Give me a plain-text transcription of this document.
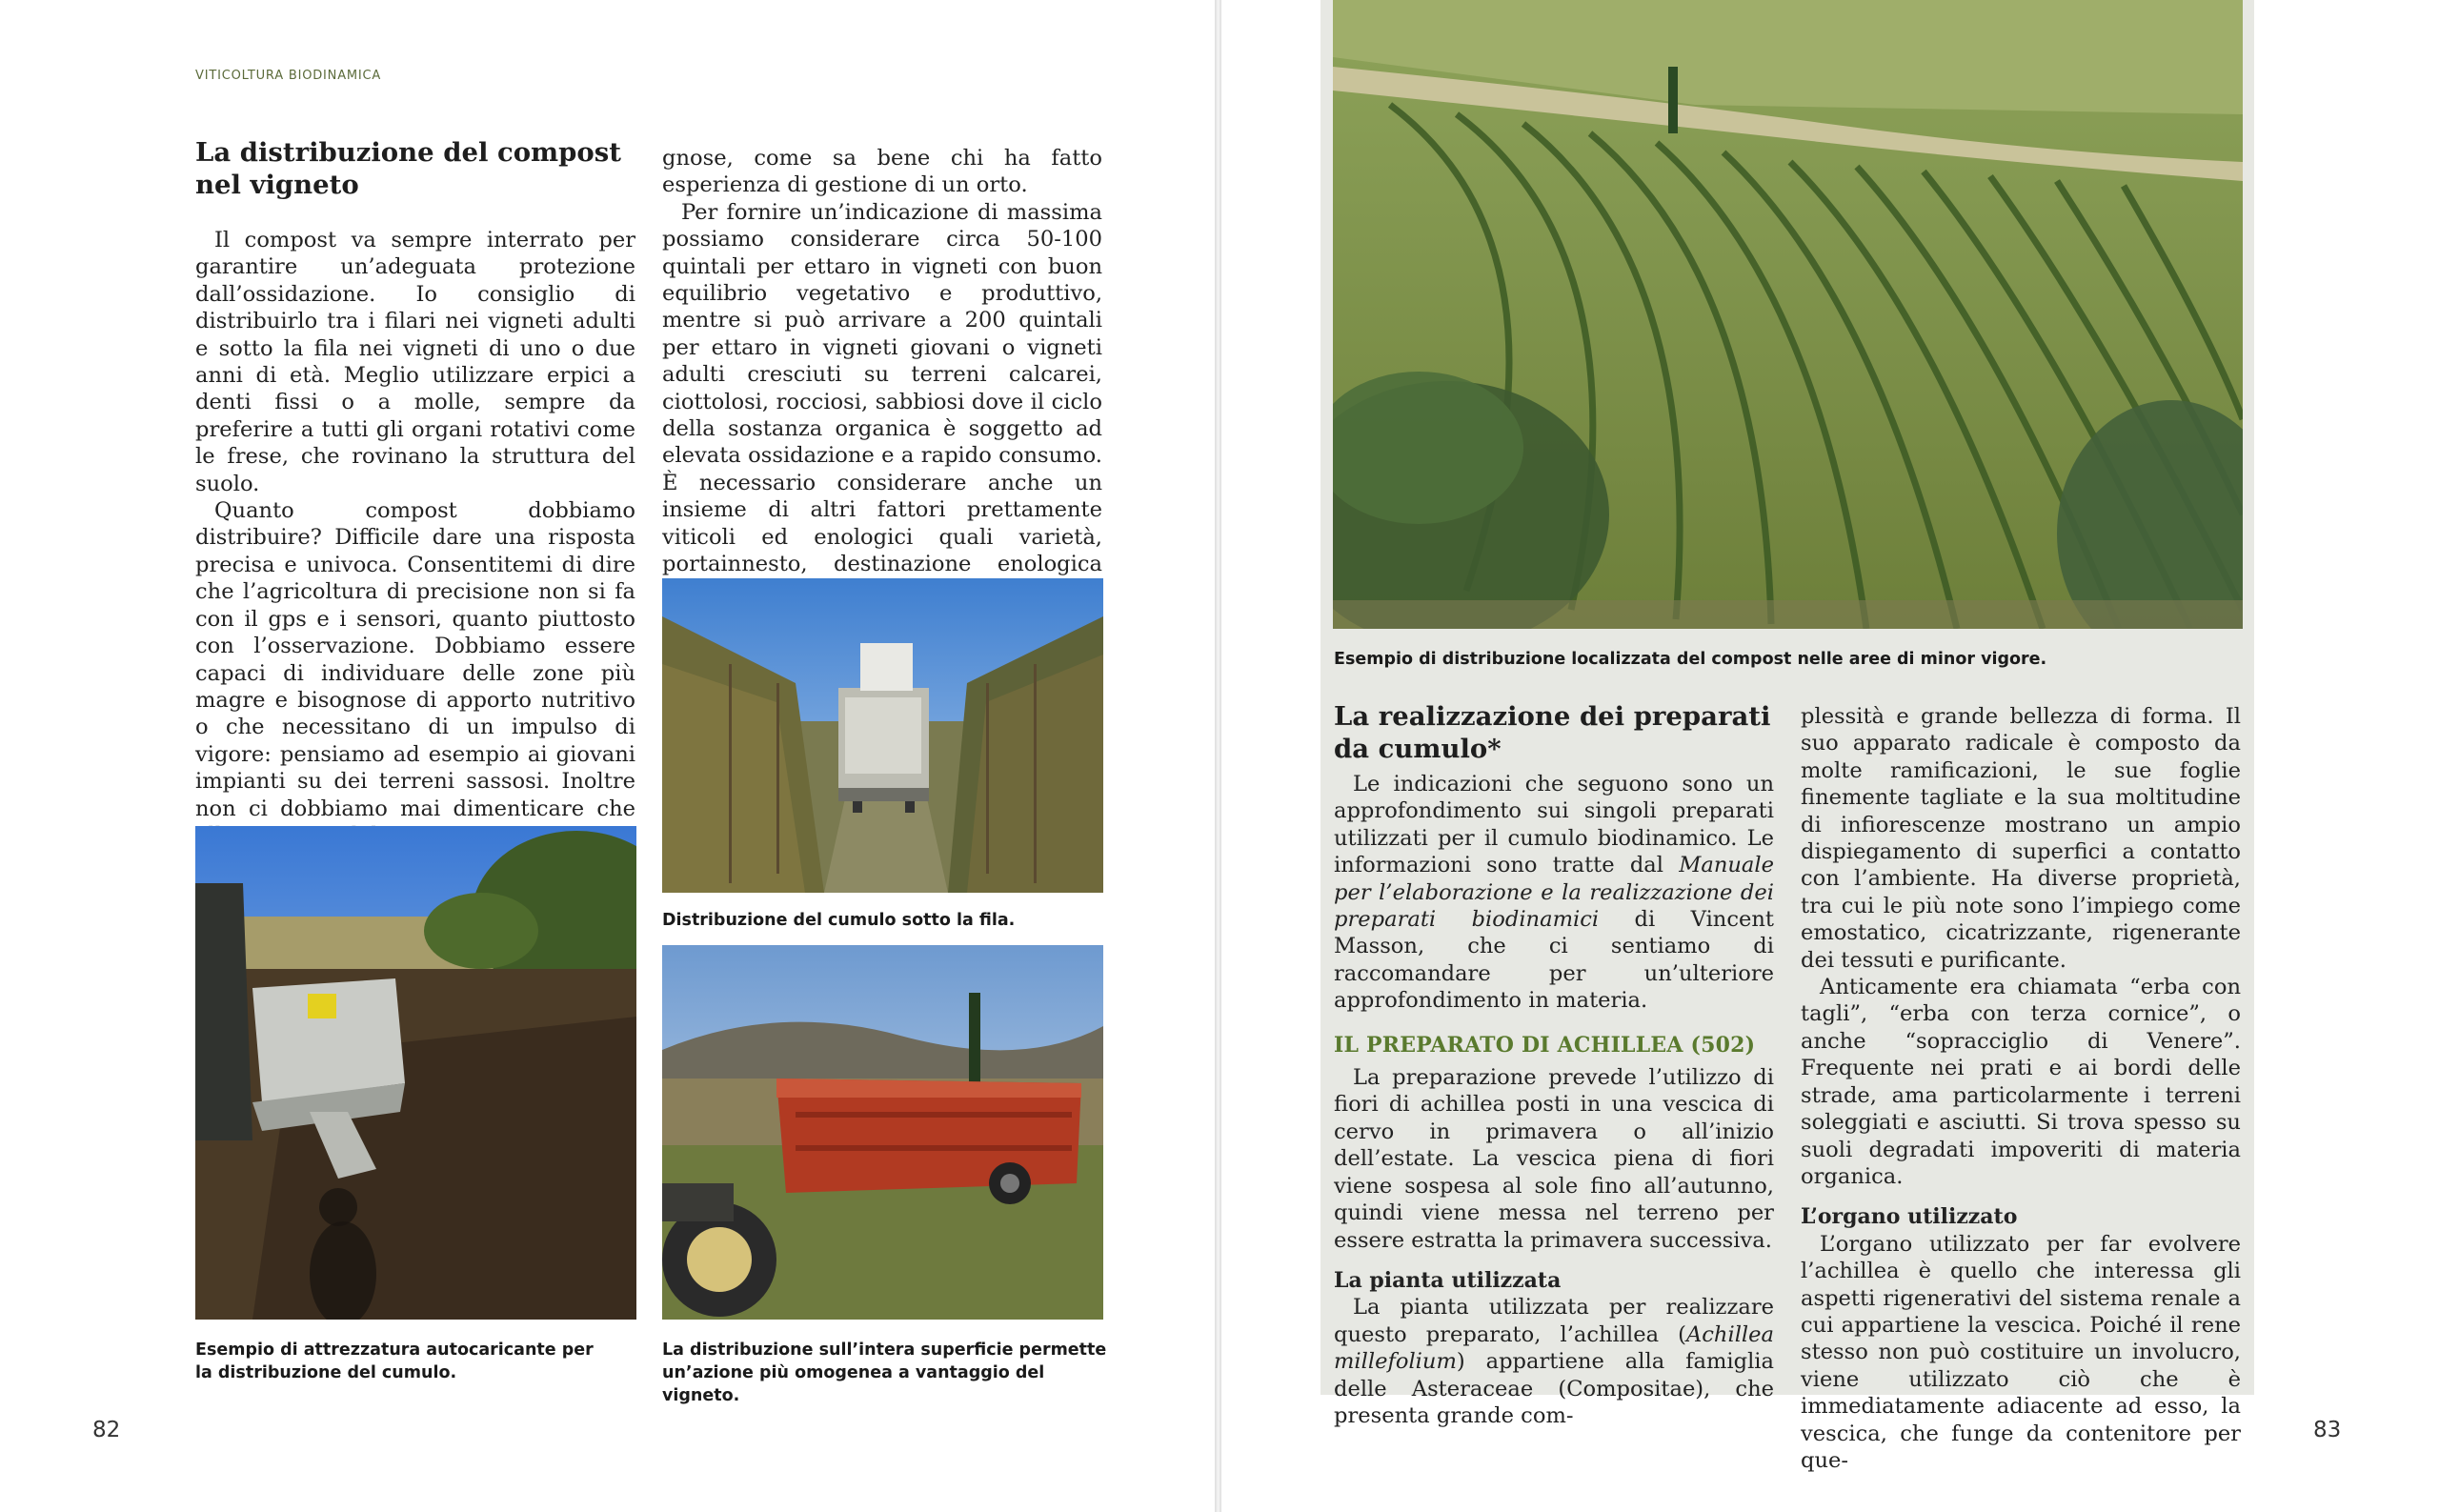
VITICOLTURA BIODINAMICA
La distribuzione del compost nel vigneto

Il compost va sempre interrato per garantire un’adeguata protezione dall’ossidazione. Io consiglio di distribuirlo tra i filari nei vigneti adulti e sotto la fila nei vigneti di uno o due anni di età. Meglio utilizzare erpici a denti fissi o a molle, sempre da preferire a tutti gli organi rotativi come le frese, che rovinano la struttura del suolo.

Quanto compost dobbiamo distribuire? Difficile dare una risposta precisa e univoca. Consentitemi di dire che l’agricoltura di precisione non si fa con il gps e i sensori, quanto piuttosto con l’osservazione. Dobbiamo essere capaci di individuare delle zone più magre e bisognose di apporto nutritivo o che necessitano di un impulso di vigore: pensiamo ad esempio ai giovani impianti su dei terreni sassosi. Inoltre non ci dobbiamo mai dimenticare che

gnose, come sa bene chi ha fatto esperienza di gestione di un orto.

Per fornire un’indicazione di massima possiamo considerare circa 50-100 quintali per ettaro in vigneti con buon equilibrio vegetativo e produttivo, mentre si può arrivare a 200 quintali per ettaro in vigneti giovani o vigneti adulti cresciuti su terreni calcarei, ciottolosi, rocciosi, sabbiosi dove il ciclo della sostanza organica è soggetto ad elevata ossidazione e a rapido consumo. È necessario considerare anche un insieme di altri fattori prettamente viticoli ed enologici quali varietà, portainnesto, destinazione enologica

Distribuzione del cumulo sotto la fila.
Esempio di attrezzatura autocaricante per la distribuzione del cumulo.
La distribuzione sull’intera superficie permette un’azione più omogenea a vantaggio del vigneto.
82
Esempio di distribuzione localizzata del compost nelle aree di minor vigore.
La realizzazione dei preparati da cumulo*

Le indicazioni che seguono sono un approfondimento sui singoli preparati utilizzati per il cumulo biodinamico. Le informazioni sono tratte dal Manuale per l’elaborazione e la realizzazione dei preparati biodinamici di Vincent Masson, che ci sentiamo di raccomandare per un’ulteriore approfondimento in materia.

IL PREPARATO DI ACHILLEA (502)

La preparazione prevede l’utilizzo di fiori di achillea posti in una vescica di cervo in primavera o all’inizio dell’estate. La vescica piena di fiori viene sospesa al sole fino all’autunno, quindi viene messa nel terreno per essere estratta la primavera successiva.

La pianta utilizzata

La pianta utilizzata per realizzare questo preparato, l’achillea (Achillea millefolium) appartiene alla famiglia delle Asteraceae (Compositae), che presenta grande com-

plessità e grande bellezza di forma. Il suo apparato radicale è composto da molte ramificazioni, le sue foglie finemente tagliate e la sua moltitudine di infiorescenze mostrano un ampio dispiegamento di superfici a contatto con l’ambiente. Ha diverse proprietà, tra cui le più note sono l’impiego come emostatico, cicatrizzante, rigenerante dei tessuti e purificante.

Anticamente era chiamata “erba con tagli”, “erba con terza cornice”, o anche “sopracciglio di Venere”. Frequente nei prati e ai bordi delle strade, ama particolarmente i terreni soleggiati e asciutti. Si trova spesso su suoli degradati impoveriti di materia organica.

L’organo utilizzato

L’organo utilizzato per far evolvere l’achillea è quello che interessa gli aspetti rigenerativi del sistema renale a cui appartiene la vescica. Poiché il rene stesso non può costituire un involucro, viene utilizzato ciò che è immediatamente adiacente ad esso, la vescica, che funge da contenitore per que-

83
